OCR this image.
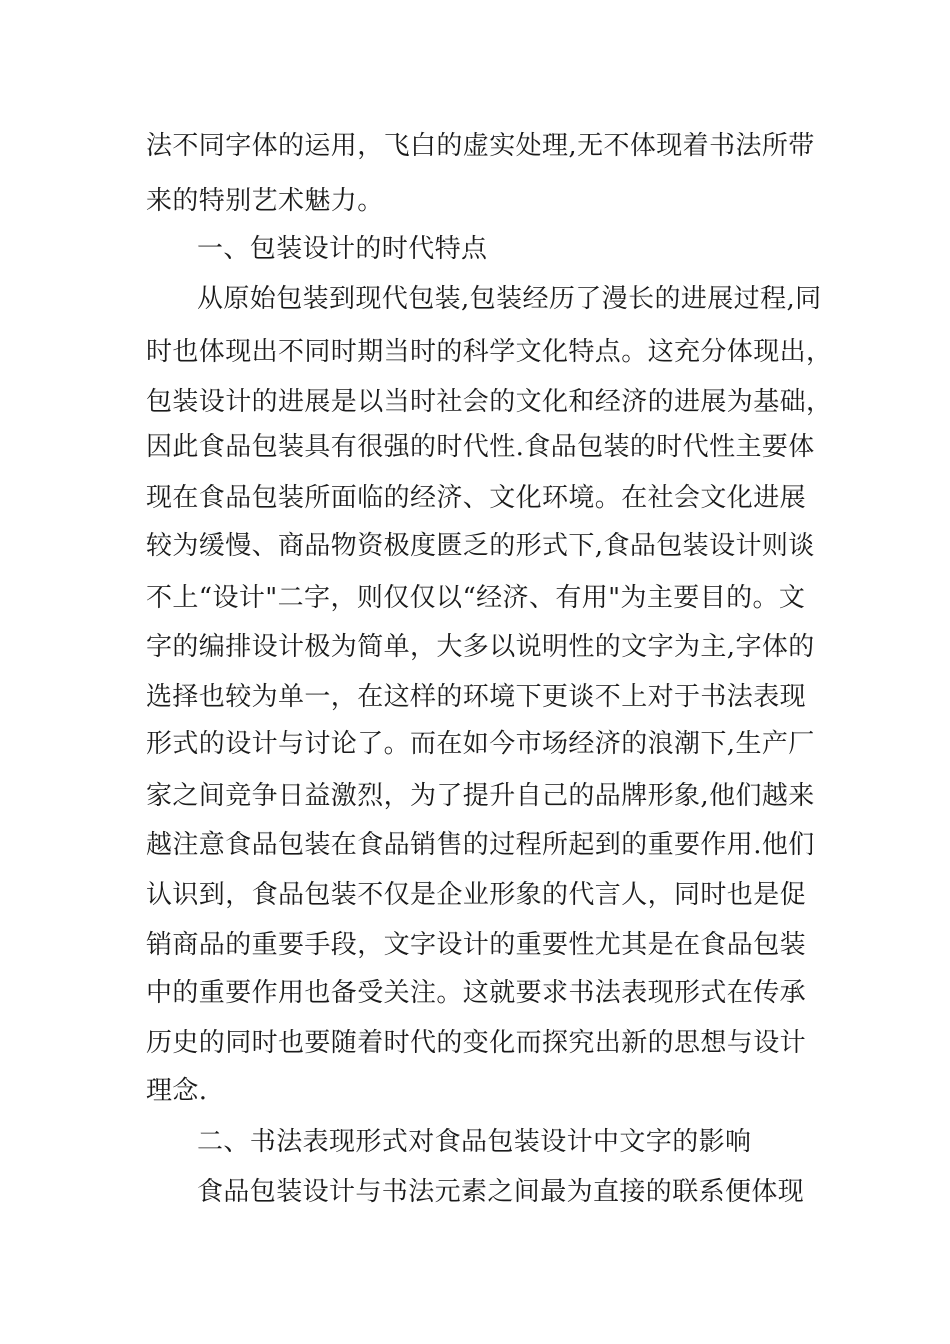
法不同字体的运用，飞白的虚实处理,无不体现着书法所带
来的特别艺术魅力。
一、包装设计的时代特点
从原始包装到现代包装,包装经历了漫长的进展过程,同
时也体现出不同时期当时的科学文化特点。这充分体现出，
包装设计的进展是以当时社会的文化和经济的进展为基础，
因此食品包装具有很强的时代性.食品包装的时代性主要体
现在食品包装所面临的经济、文化环境。在社会文化进展
较为缓慢、商品物资极度匮乏的形式下,食品包装设计则谈
不上“设计"二字，则仅仅以“经济、有用"为主要目的。文
字的编排设计极为简单，大多以说明性的文字为主,字体的
选择也较为单一，在这样的环境下更谈不上对于书法表现
形式的设计与讨论了。而在如今市场经济的浪潮下,生产厂
家之间竞争日益激烈，为了提升自己的品牌形象,他们越来
越注意食品包装在食品销售的过程所起到的重要作用.他们
认识到，食品包装不仅是企业形象的代言人，同时也是促
销商品的重要手段，文字设计的重要性尤其是在食品包装
中的重要作用也备受关注。这就要求书法表现形式在传承
历史的同时也要随着时代的变化而探究出新的思想与设计
理念.
二、书法表现形式对食品包装设计中文字的影响
食品包装设计与书法元素之间最为直接的联系便体现
